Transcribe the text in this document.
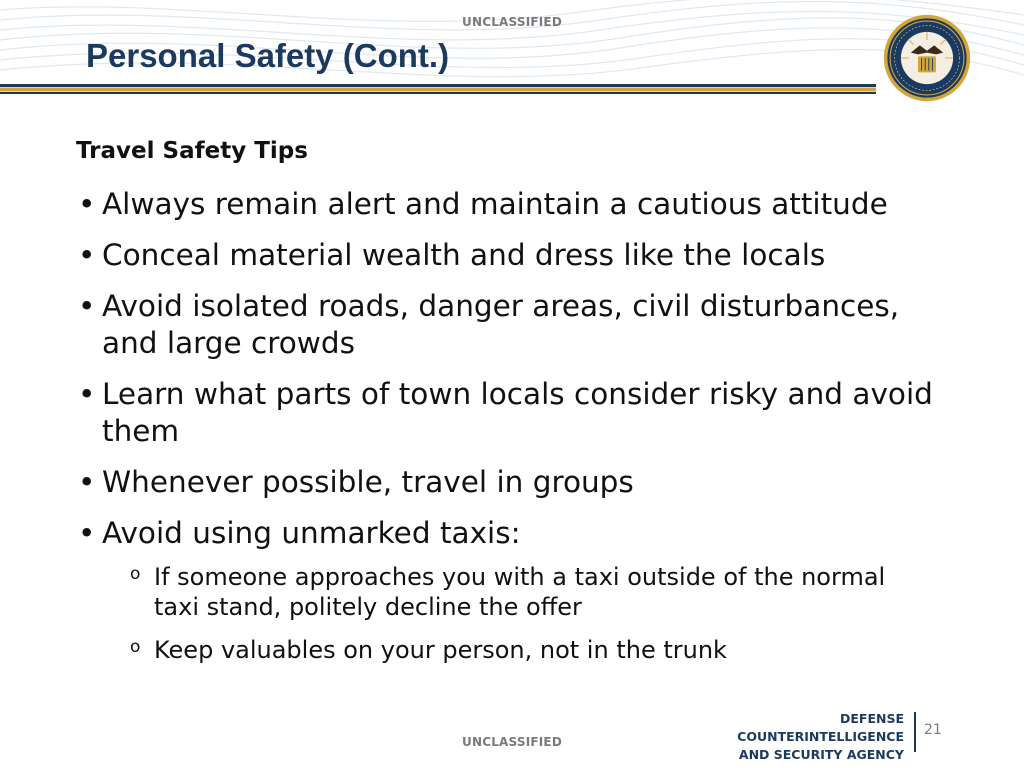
UNCLASSIFIED
Personal Safety (Cont.)
Travel Safety Tips
• Always remain alert and maintain a cautious attitude
• Conceal material wealth and dress like the locals
• Avoid isolated roads, danger areas, civil disturbances, and large crowds
• Learn what parts of town locals consider risky and avoid them
• Whenever possible, travel in groups
• Avoid using unmarked taxis:
o If someone approaches you with a taxi outside of the normal taxi stand, politely decline the offer
o Keep valuables on your person, not in the trunk
UNCLASSIFIED
DEFENSE
COUNTERINTELLIGENCE
AND SECURITY AGENCY
21
